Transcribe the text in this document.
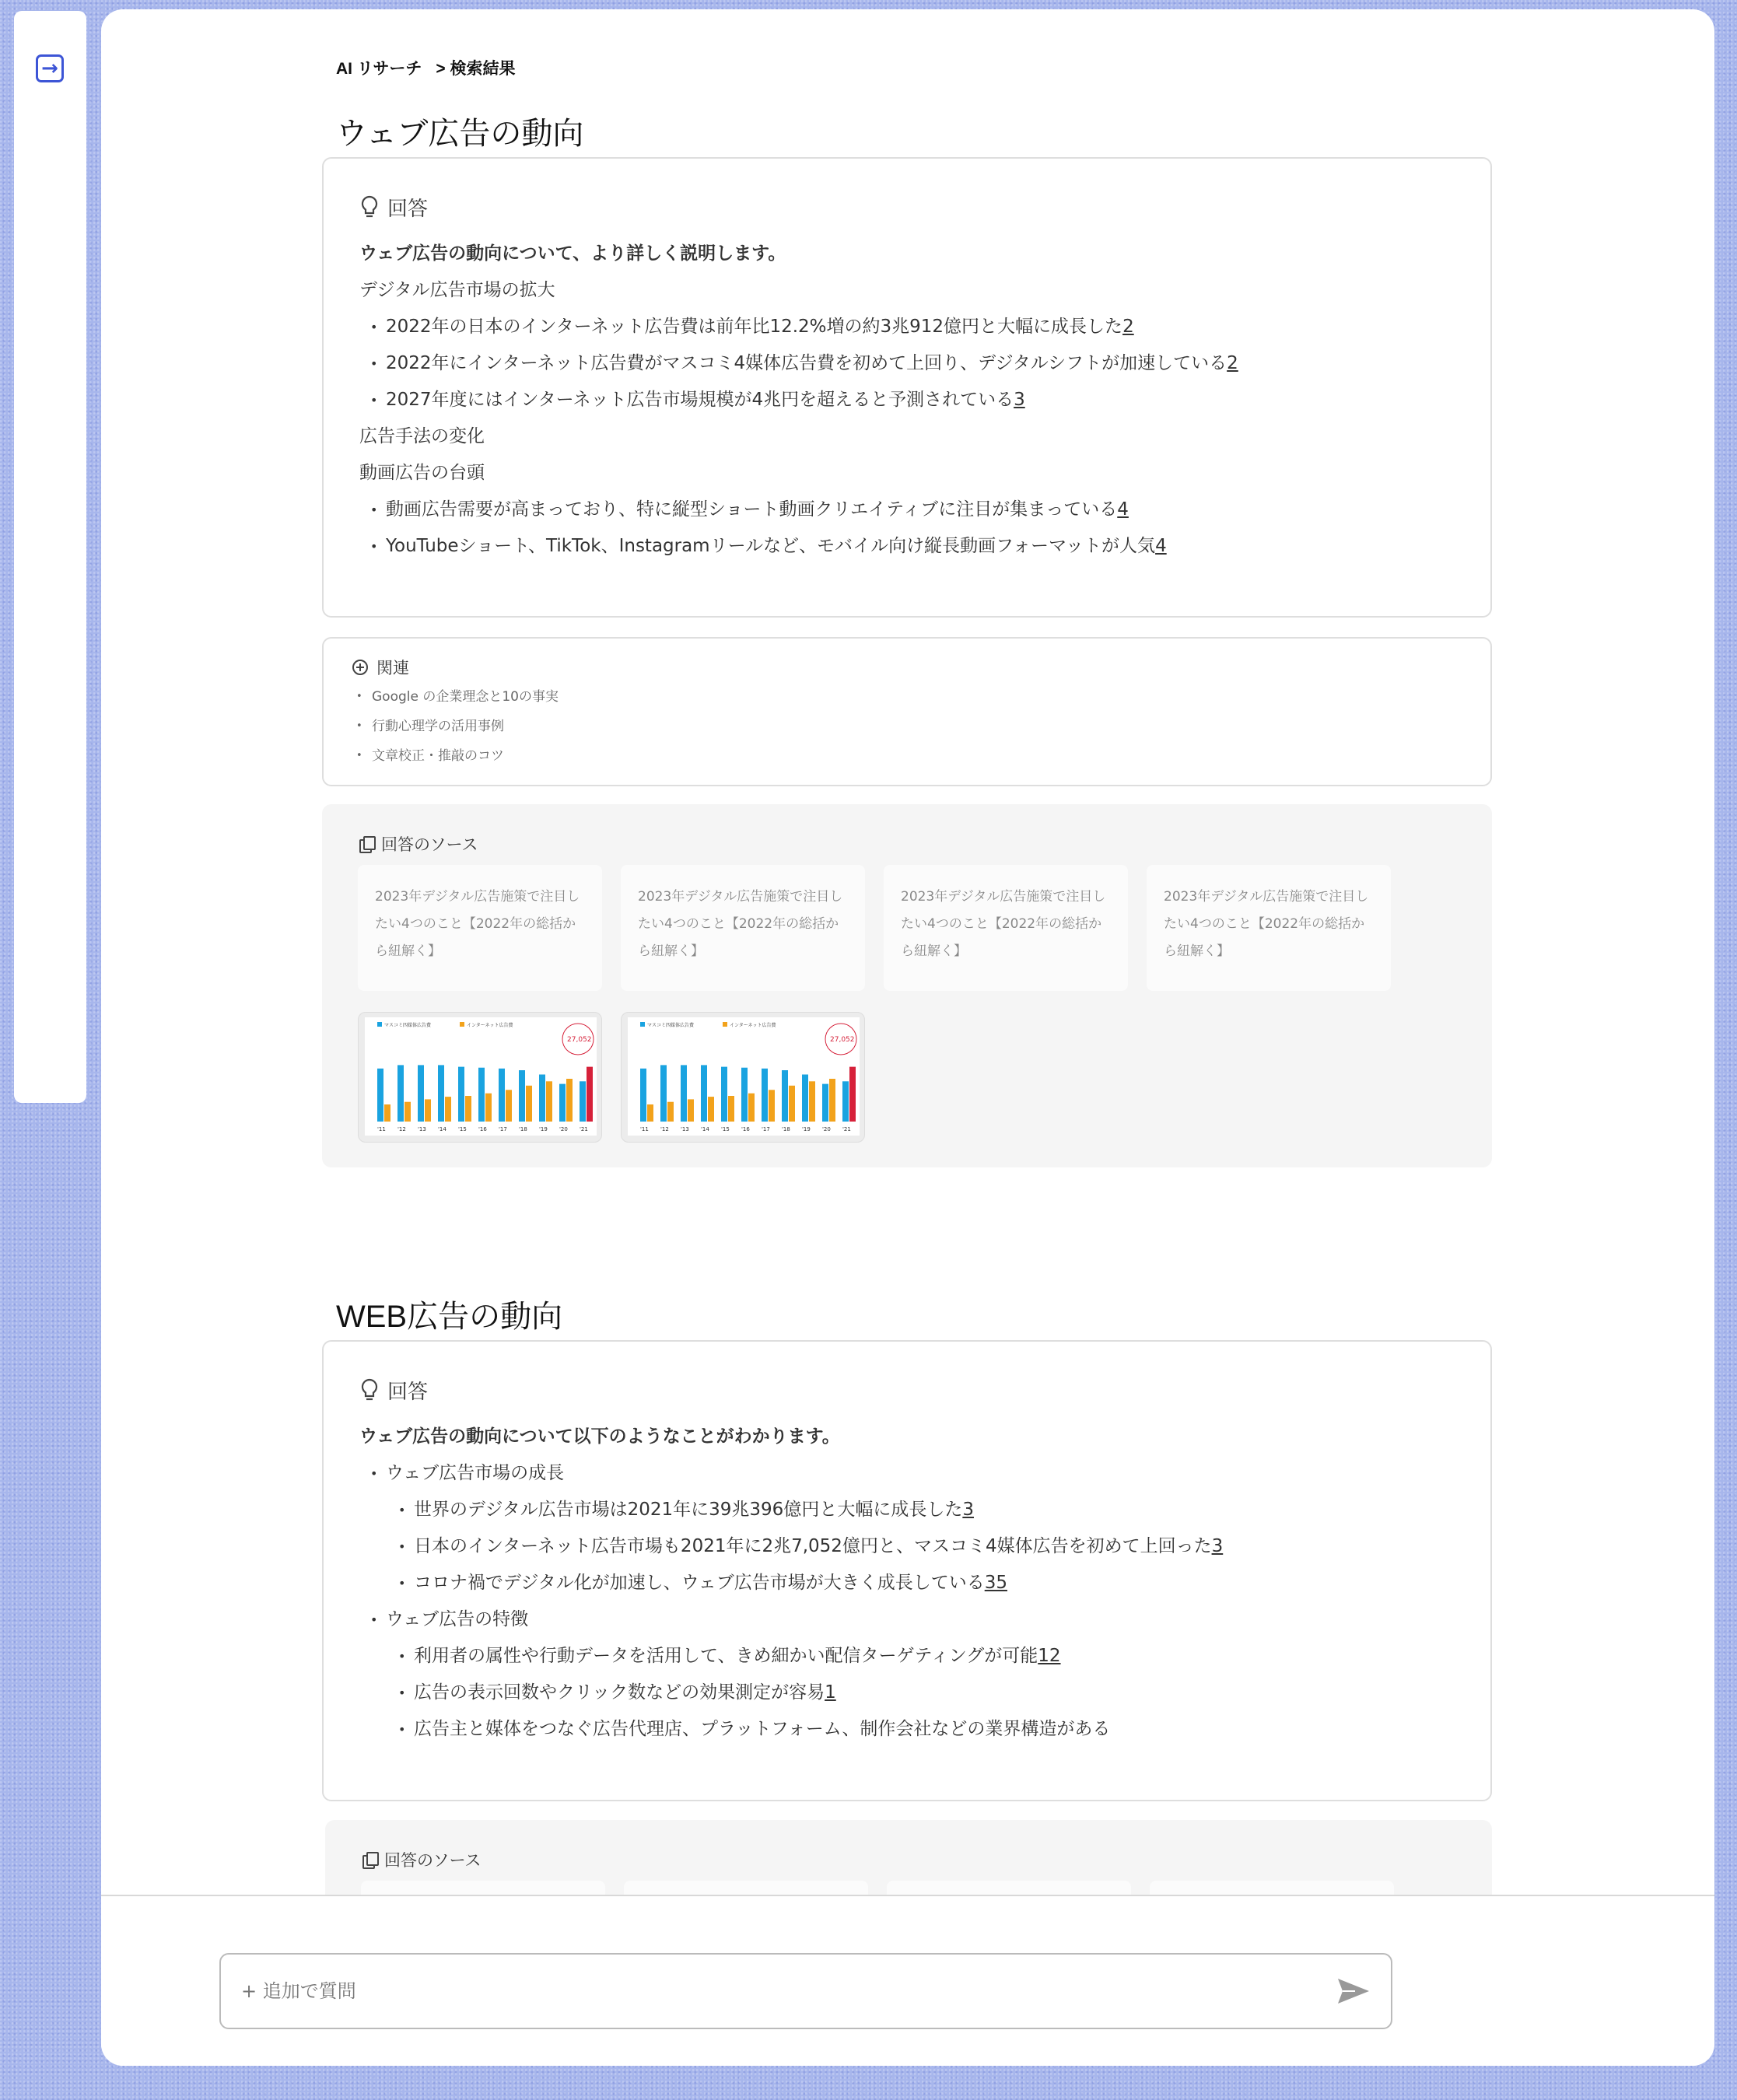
→	AI リサーチ > 検索結果
ウェブ広告の動向
回答
ウェブ広告の動向について、より詳しく説明します。
デジタル広告市場の拡大
• 2022年の日本のインターネット広告費は前年比12.2%増の約3兆912億円と大幅に成長した2
• 2022年にインターネット広告費がマスコミ4媒体広告費を初めて上回り、デジタルシフトが加速している2
• 2027年度にはインターネット広告市場規模が4兆円を超えると予測されている3
広告手法の変化
動画広告の台頭
• 動画広告需要が高まっており、特に縦型ショート動画クリエイティブに注目が集まっている4
• YouTubeショート、TikTok、Instagramリールなど、モバイル向け縦長動画フォーマットが人気4
関連
• Google の企業理念と10の事実
• 行動心理学の活用事例
• 文章校正・推敲のコツ
回答のソース
2023年デジタル広告施策で注目したい4つのこと【2022年の総括から紐解く】
2023年デジタル広告施策で注目したい4つのこと【2022年の総括から紐解く】
2023年デジタル広告施策で注目したい4つのこと【2022年の総括から紐解く】
2023年デジタル広告施策で注目したい4つのこと【2022年の総括から紐解く】
マスコミ四媒体広告費	インターネット広告費
'11 '12 '13 '14 '15 '16 '17 '18 '19 '20 '21
27,052
マスコミ四媒体広告費	インターネット広告費
'11 '12 '13 '14 '15 '16 '17 '18 '19 '20 '21
27,052
WEB広告の動向
回答
ウェブ広告の動向について以下のようなことがわかります。
• ウェブ広告市場の成長
• 世界のデジタル広告市場は2021年に39兆396億円と大幅に成長した3
• 日本のインターネット広告市場も2021年に2兆7,052億円と、マスコミ4媒体広告を初めて上回った3
• コロナ禍でデジタル化が加速し、ウェブ広告市場が大きく成長している35
• ウェブ広告の特徴
• 利用者の属性や行動データを活用して、きめ細かい配信ターゲティングが可能12
• 広告の表示回数やクリック数などの効果測定が容易1
• 広告主と媒体をつなぐ広告代理店、プラットフォーム、制作会社などの業界構造がある
回答のソース
+ 追加で質問
